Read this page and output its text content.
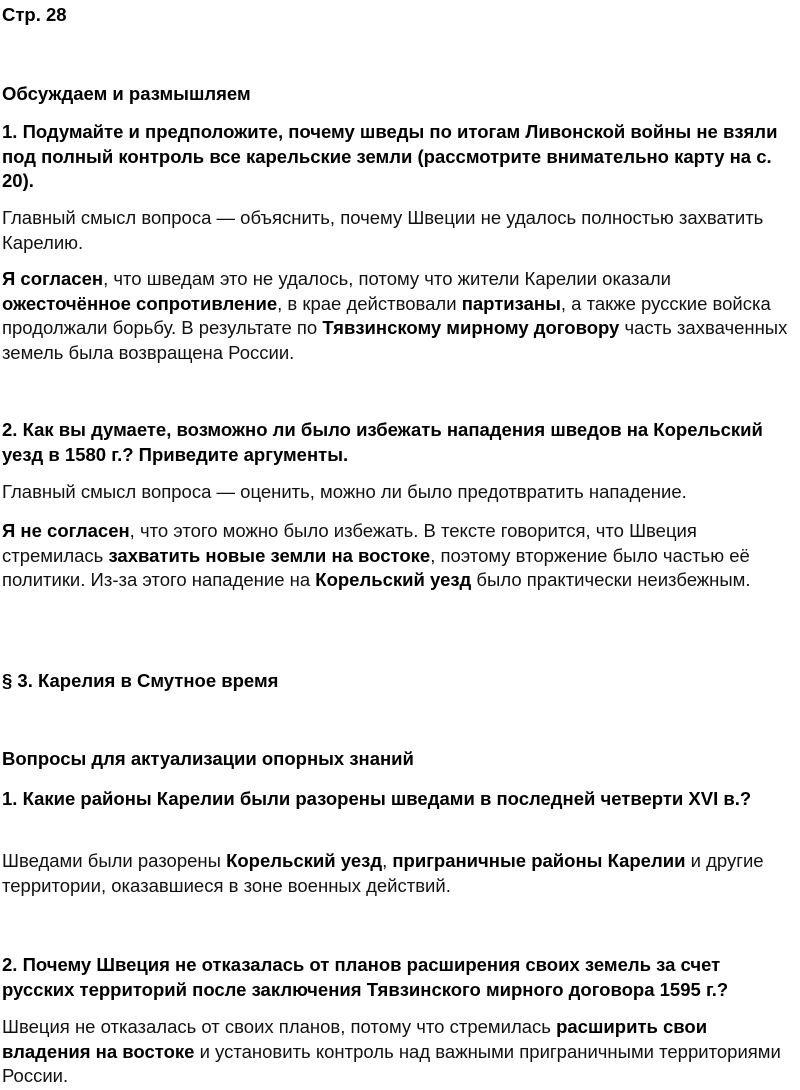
Стр. 28

Обсуждаем и размышляем

1. Подумайте и предположите, почему шведы по итогам Ливонской войны не взяли под полный контроль все карельские земли (рассмотрите внимательно карту на с. 20).

Главный смысл вопроса — объяснить, почему Швеции не удалось полностью захватить Карелию.

Я согласен, что шведам это не удалось, потому что жители Карелии оказали ожесточённое сопротивление, в крае действовали партизаны, а также русские войска продолжали борьбу. В результате по Тявзинскому мирному договору часть захваченных земель была возвращена России.

2. Как вы думаете, возможно ли было избежать нападения шведов на Корельский уезд в 1580 г.? Приведите аргументы.

Главный смысл вопроса — оценить, можно ли было предотвратить нападение.

Я не согласен, что этого можно было избежать. В тексте говорится, что Швеция стремилась захватить новые земли на востоке, поэтому вторжение было частью её политики. Из-за этого нападение на Корельский уезд было практически неизбежным.

§ 3. Карелия в Смутное время

Вопросы для актуализации опорных знаний

1. Какие районы Карелии были разорены шведами в последней четверти XVI в.?

Шведами были разорены Корельский уезд, приграничные районы Карелии и другие территории, оказавшиеся в зоне военных действий.

2. Почему Швеция не отказалась от планов расширения своих земель за счет русских территорий после заключения Тявзинского мирного договора 1595 г.?

Швеция не отказалась от своих планов, потому что стремилась расширить свои владения на востоке и установить контроль над важными приграничными территориями России.
